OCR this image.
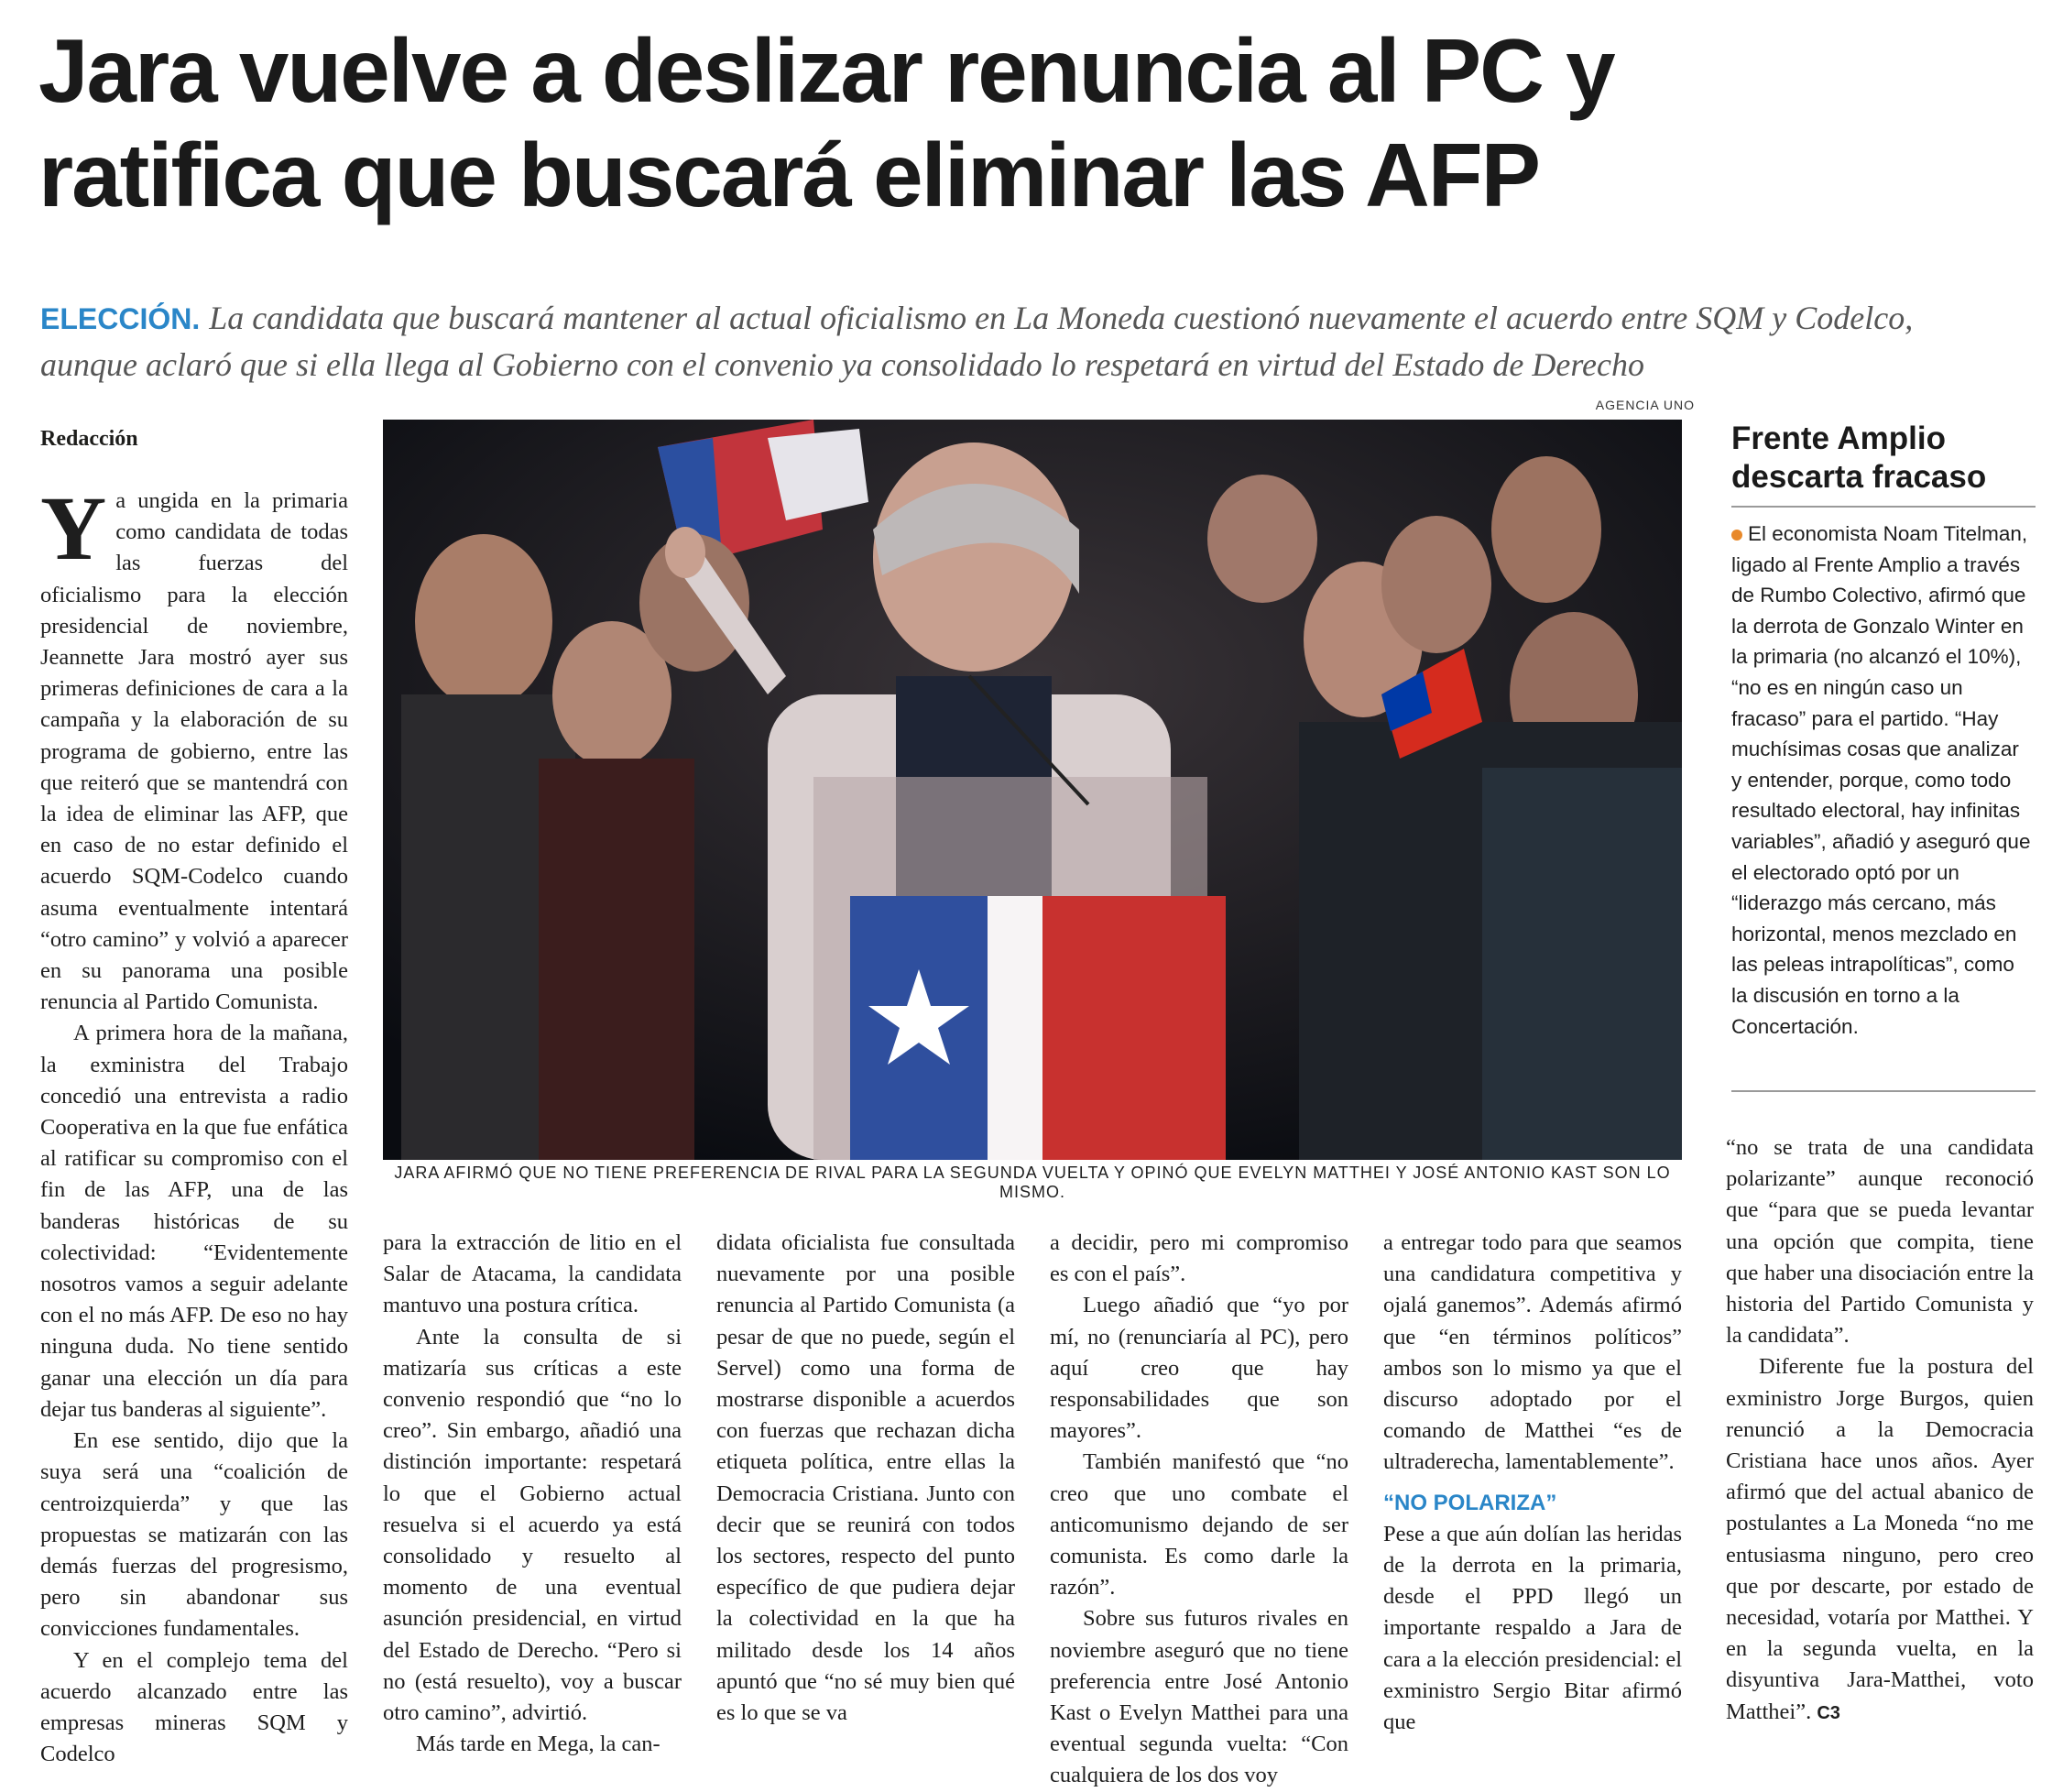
Jara vuelve a deslizar renuncia al PC y
ratifica que buscará eliminar las AFP
ELECCIÓN. La candidata que buscará mantener al actual oficialismo en La Moneda cuestionó nuevamente el acuerdo entre SQM y Codelco, aunque aclaró que si ella llega al Gobierno con el convenio ya consolidado lo respetará en virtud del Estado de Derecho
Redacción

Ya ungida en la primaria como candidata de todas las fuerzas del oficialismo para la elección presidencial de noviembre, Jeannette Jara mostró ayer sus primeras definiciones de cara a la campaña y la elaboración de su programa de gobierno, entre las que reiteró que se mantendrá con la idea de eliminar las AFP, que en caso de no estar definido el acuerdo SQM-Codelco cuando asuma eventualmente intentará “otro camino” y volvió a aparecer en su panorama una posible renuncia al Partido Comunista.

A primera hora de la mañana, la exministra del Trabajo concedió una entrevista a radio Cooperativa en la que fue enfática al ratificar su compromiso con el fin de las AFP, una de las banderas históricas de su colectividad: “Evidentemente nosotros vamos a seguir adelante con el no más AFP. De eso no hay ninguna duda. No tiene sentido ganar una elección un día para dejar tus banderas al siguiente”.

En ese sentido, dijo que la suya será una “coalición de centroizquierda” y que las propuestas se matizarán con las demás fuerzas del progresismo, pero sin abandonar sus convicciones fundamentales.

Y en el complejo tema del acuerdo alcanzado entre las empresas mineras SQM y Codelco

AGENCIA UNO
JARA AFIRMÓ QUE NO TIENE PREFERENCIA DE RIVAL PARA LA SEGUNDA VUELTA Y OPINÓ QUE EVELYN MATTHEI Y JOSÉ ANTONIO KAST SON LO MISMO.
Frente Amplio descarta fracaso
El economista Noam Titelman, ligado al Frente Amplio a través de Rumbo Colectivo, afirmó que la derrota de Gonzalo Winter en la primaria (no alcanzó el 10%), “no es en ningún caso un fracaso” para el partido. “Hay muchísimas cosas que analizar y entender, porque, como todo resultado electoral, hay infinitas variables”, añadió y aseguró que el electorado optó por un “liderazgo más cercano, más horizontal, menos mezclado en las peleas intrapolíticas”, como la discusión en torno a la Concertación.

para la extracción de litio en el Salar de Atacama, la candidata mantuvo una postura crítica.

Ante la consulta de si matizaría sus críticas a este convenio respondió que “no lo creo”. Sin embargo, añadió una distinción importante: respetará lo que el Gobierno actual resuelva si el acuerdo ya está consolidado y resuelto al momento de una eventual asunción presidencial, en virtud del Estado de Derecho. “Pero si no (está resuelto), voy a buscar otro camino”, advirtió.

Más tarde en Mega, la can-

didata oficialista fue consultada nuevamente por una posible renuncia al Partido Comunista (a pesar de que no puede, según el Servel) como una forma de mostrarse disponible a acuerdos con fuerzas que rechazan dicha etiqueta política, entre ellas la Democracia Cristiana. Junto con decir que se reunirá con todos los sectores, respecto del punto específico de que pudiera dejar la colectividad en la que ha militado desde los 14 años apuntó que “no sé muy bien qué es lo que se va

a decidir, pero mi compromiso es con el país”.

Luego añadió que “yo por mí, no (renunciaría al PC), pero aquí creo que hay responsabilidades que son mayores”.

También manifestó que “no creo que uno combate el anticomunismo dejando de ser comunista. Es como darle la razón”.

Sobre sus futuros rivales en noviembre aseguró que no tiene preferencia entre José Antonio Kast o Evelyn Matthei para una eventual segunda vuelta: “Con cualquiera de los dos voy

a entregar todo para que seamos una candidatura competitiva y ojalá ganemos”. Además afirmó que “en términos políticos” ambos son lo mismo ya que el discurso adoptado por el comando de Matthei “es de ultraderecha, lamentablemente”.

“NO POLARIZA”

Pese a que aún dolían las heridas de la derrota en la primaria, desde el PPD llegó un importante respaldo a Jara de cara a la elección presidencial: el exministro Sergio Bitar afirmó que

“no se trata de una candidata polarizante” aunque reconoció que “para que se pueda levantar una opción que compita, tiene que haber una disociación entre la historia del Partido Comunista y la candidata”.

Diferente fue la postura del exministro Jorge Burgos, quien renunció a la Democracia Cristiana hace unos años. Ayer afirmó que del actual abanico de postulantes a La Moneda “no me entusiasma ninguno, pero creo que por descarte, por estado de necesidad, votaría por Matthei. Y en la segunda vuelta, en la disyuntiva Jara-Matthei, voto Matthei”. C3
